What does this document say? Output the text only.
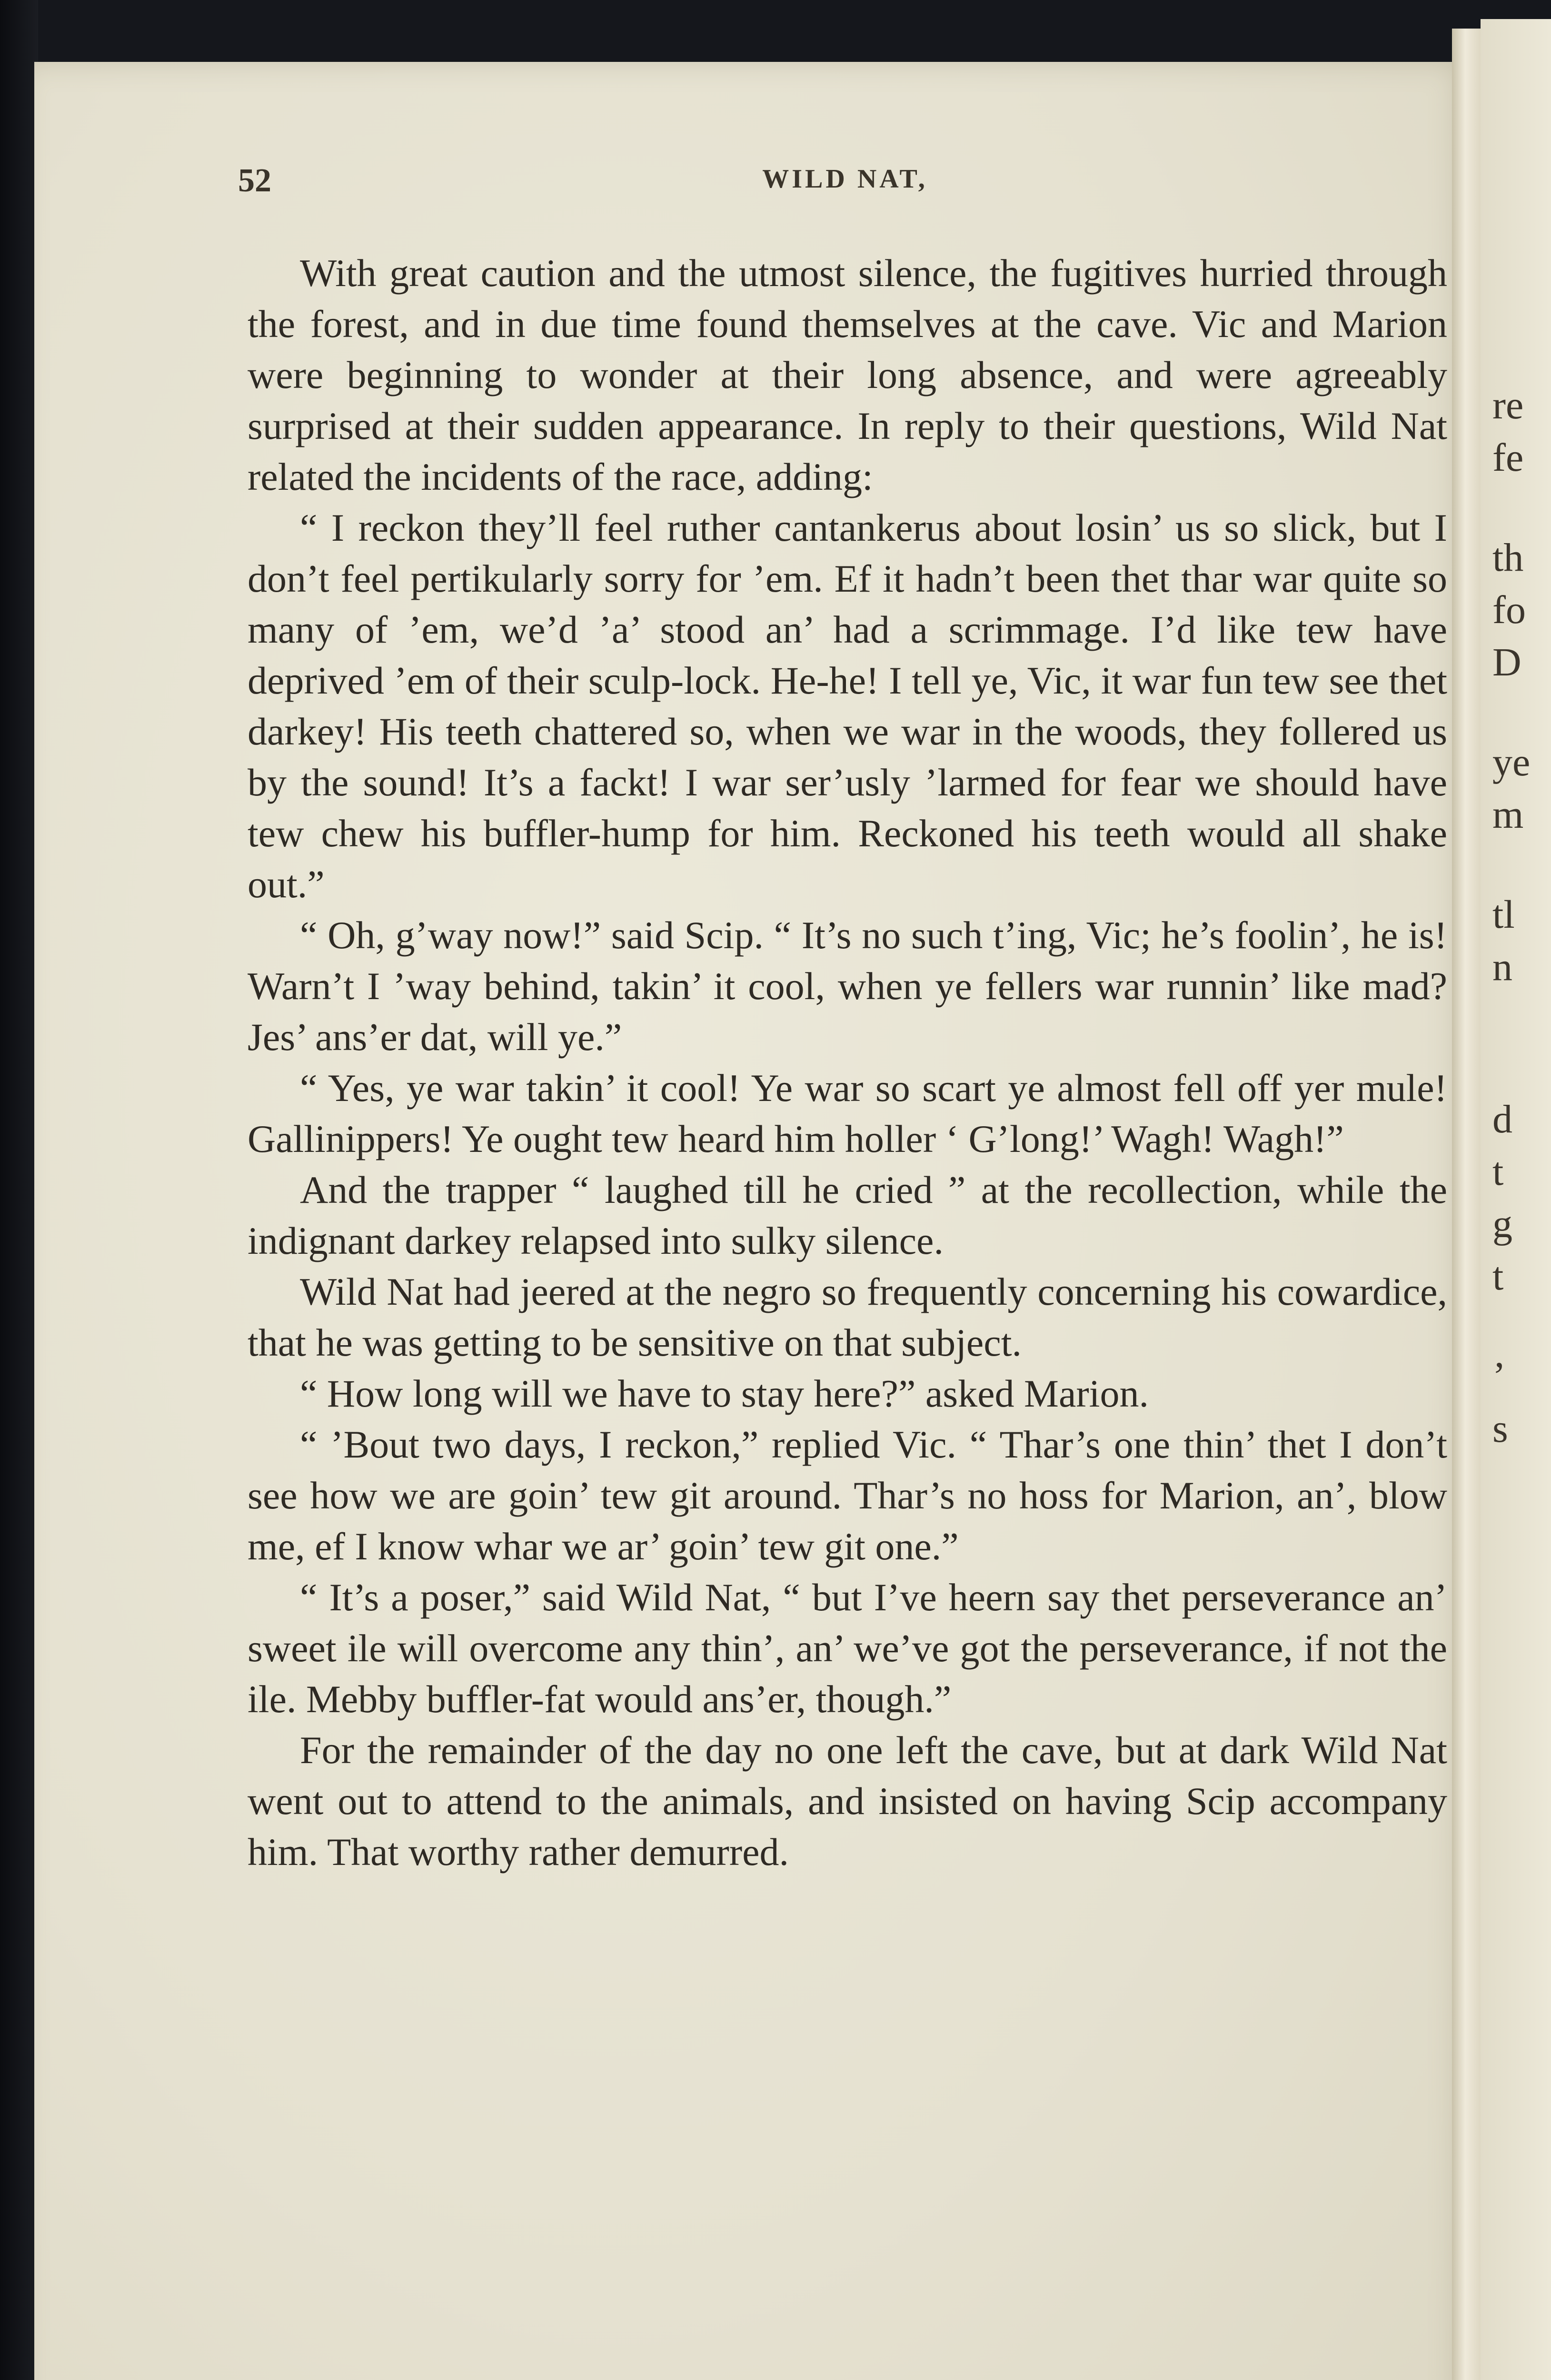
re
fe
th
fo
D
ye
m
tl
n
d
t
g
t
’
s
52	WILD NAT,

With great caution and the utmost silence, the fugitives hurried through the forest, and in due time found themselves at the cave. Vic and Marion were beginning to wonder at their long absence, and were agreeably surprised at their sudden appearance. In reply to their questions, Wild Nat related the incidents of the race, adding:

“ I reckon they’ll feel ruther cantankerus about losin’ us so slick, but I don’t feel pertikularly sorry for ’em. Ef it hadn’t been thet thar war quite so many of ’em, we’d ’a’ stood an’ had a scrimmage. I’d like tew have deprived ’em of their sculp-lock. He-he! I tell ye, Vic, it war fun tew see thet darkey! His teeth chattered so, when we war in the woods, they follered us by the sound! It’s a fackt! I war ser’usly ’larmed for fear we should have tew chew his buffler-hump for him. Reckoned his teeth would all shake out.”

“ Oh, g’way now!” said Scip. “ It’s no such t’ing, Vic; he’s foolin’, he is! Warn’t I ’way behind, takin’ it cool, when ye fellers war runnin’ like mad? Jes’ ans’er dat, will ye.”

“ Yes, ye war takin’ it cool! Ye war so scart ye almost fell off yer mule! Gallinippers! Ye ought tew heard him holler ‘ G’long!’ Wagh! Wagh!”

And the trapper “ laughed till he cried ” at the recollection, while the indignant darkey relapsed into sulky silence.

Wild Nat had jeered at the negro so frequently concerning his cowardice, that he was getting to be sensitive on that subject.

“ How long will we have to stay here?” asked Marion.

“ ’Bout two days, I reckon,” replied Vic. “ Thar’s one thin’ thet I don’t see how we are goin’ tew git around. Thar’s no hoss for Marion, an’, blow me, ef I know whar we ar’ goin’ tew git one.”

“ It’s a poser,” said Wild Nat, “ but I’ve heern say thet perseverance an’ sweet ile will overcome any thin’, an’ we’ve got the perseverance, if not the ile. Mebby buffler-fat would ans’er, though.”

For the remainder of the day no one left the cave, but at dark Wild Nat went out to attend to the animals, and insisted on having Scip accompany him. That worthy rather demurred.
